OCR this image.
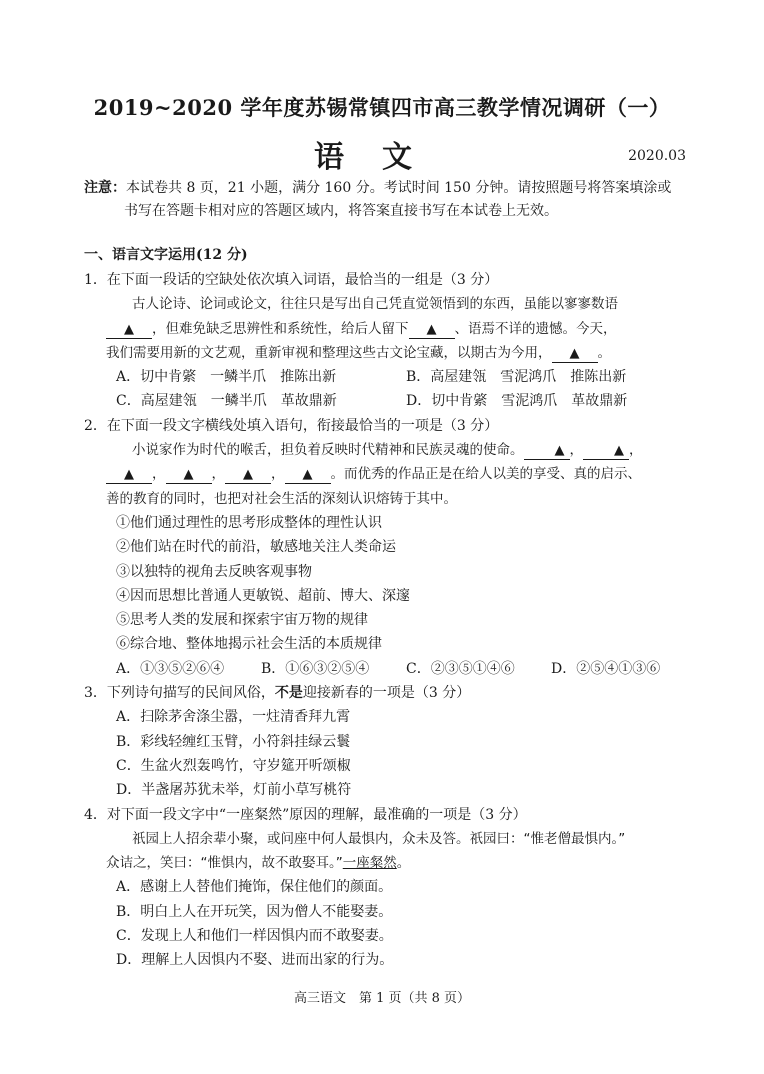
2019~2020 学年度苏锡常镇四市高三教学情况调研（一）
语文	2020.03
注意：本试卷共 8 页，21 小题，满分 160 分。考试时间 150 分钟。请按照题号将答案填涂或
书写在答题卡相对应的答题区域内，将答案直接书写在本试卷上无效。
一、语言文字运用(12 分)
1．在下面一段话的空缺处依次填入词语，最恰当的一组是（3 分）
古人论诗、论词或论文，往往只是写出自己凭直觉领悟到的东西，虽能以寥寥数语
▲ ，但难免缺乏思辨性和系统性，给后人留下 ▲ 、语焉不详的遗憾。今天，
我们需要用新的文艺观，重新审视和整理这些古文论宝藏，以期古为今用， ▲ 。
A．切中肯綮　一鳞半爪　推陈出新	B．高屋建瓴　雪泥鸿爪　推陈出新
C．高屋建瓴　一鳞半爪　革故鼎新	D．切中肯綮　雪泥鸿爪　革故鼎新
2．在下面一段文字横线处填入语句，衔接最恰当的一项是（3 分）
小说家作为时代的喉舌，担负着反映时代精神和民族灵魂的使命。 ▲ ， ▲ ，
▲ ， ▲ ， ▲ ， ▲ 。而优秀的作品正是在给人以美的享受、真的启示、
善的教育的同时，也把对社会生活的深刻认识熔铸于其中。
①他们通过理性的思考形成整体的理性认识
②他们站在时代的前沿，敏感地关注人类命运
③以独特的视角去反映客观事物
④因而思想比普通人更敏锐、超前、博大、深邃
⑤思考人类的发展和探索宇宙万物的规律
⑥综合地、整体地揭示社会生活的本质规律
A．①③⑤②⑥④	B．①⑥③②⑤④	C．②③⑤①④⑥	D．②⑤④①③⑥
3．下列诗句描写的民间风俗，不是迎接新春的一项是（3 分）
A．扫除茅舍涤尘嚣，一炷清香拜九霄
B．彩线轻缠红玉臂，小符斜挂绿云鬟
C．生盆火烈轰鸣竹，守岁筵开听颂椒
D．半盏屠苏犹未举，灯前小草写桃符
4．对下面一段文字中“一座粲然”原因的理解，最准确的一项是（3 分）
祇园上人招余辈小聚，或问座中何人最惧内，众未及答。祇园曰：“惟老僧最惧内。”
众诘之，笑曰：“惟惧内，故不敢娶耳。”一座粲然。
A．感谢上人替他们掩饰，保住他们的颜面。
B．明白上人在开玩笑，因为僧人不能娶妻。
C．发现上人和他们一样因惧内而不敢娶妻。
D．理解上人因惧内不娶、进而出家的行为。
高三语文　第 1 页（共 8 页）
